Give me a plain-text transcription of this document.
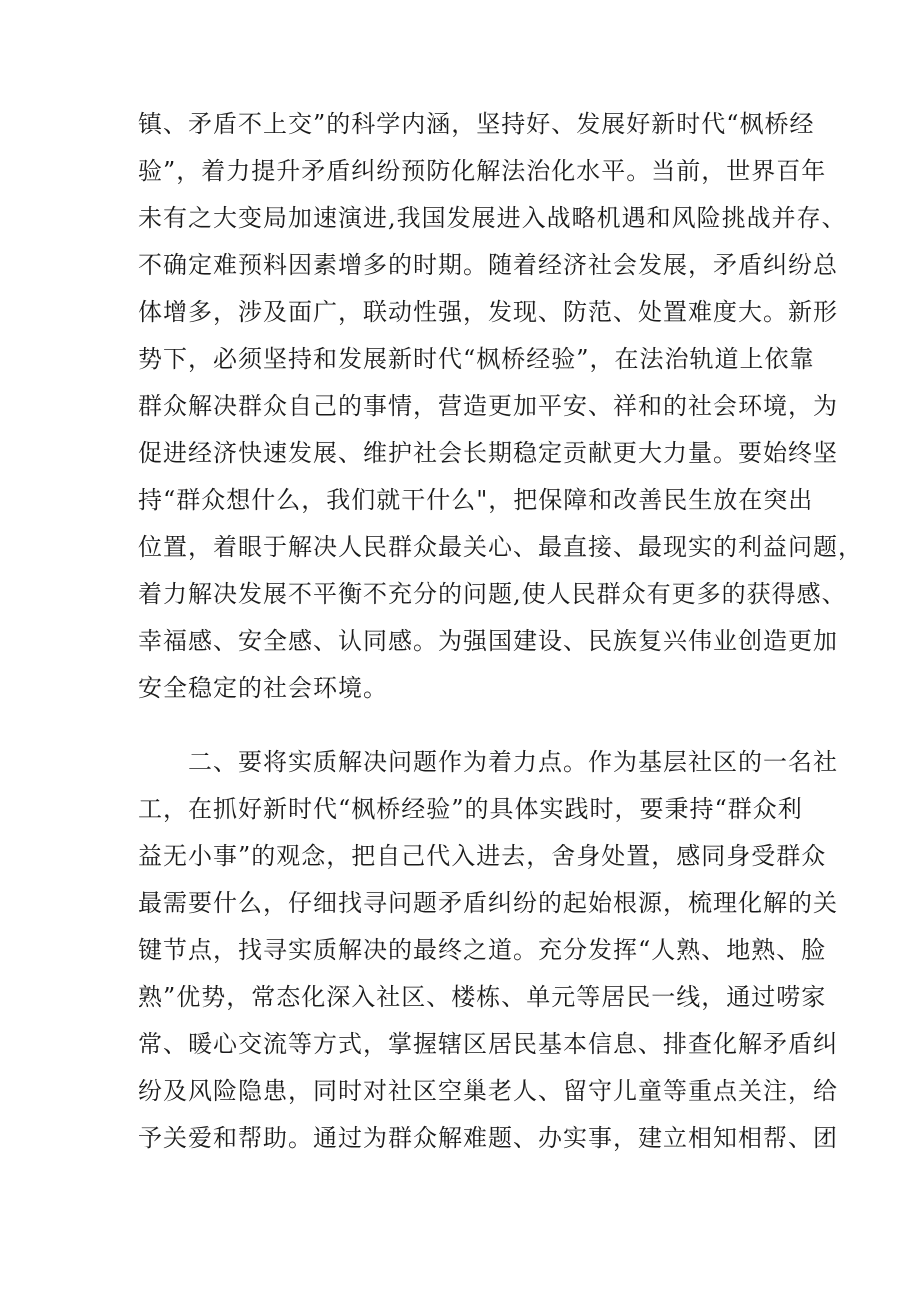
镇、矛盾不上交”的科学内涵，坚持好、发展好新时代“枫桥经
验”，着力提升矛盾纠纷预防化解法治化水平。当前，世界百年
未有之大变局加速演进,我国发展进入战略机遇和风险挑战并存、
不确定难预料因素增多的时期。随着经济社会发展，矛盾纠纷总
体增多，涉及面广，联动性强，发现、防范、处置难度大。新形
势下，必须坚持和发展新时代“枫桥经验”，在法治轨道上依靠
群众解决群众自己的事情，营造更加平安、祥和的社会环境，为
促进经济快速发展、维护社会长期稳定贡献更大力量。要始终坚
持“群众想什么，我们就干什么"，把保障和改善民生放在突出
位置，着眼于解决人民群众最关心、最直接、最现实的利益问题，
着力解决发展不平衡不充分的问题,使人民群众有更多的获得感、
幸福感、安全感、认同感。为强国建设、民族复兴伟业创造更加
安全稳定的社会环境。
　　二、要将实质解决问题作为着力点。作为基层社区的一名社
工，在抓好新时代“枫桥经验”的具体实践时，要秉持“群众利
益无小事”的观念，把自己代入进去，舍身处置，感同身受群众
最需要什么，仔细找寻问题矛盾纠纷的起始根源，梳理化解的关
键节点，找寻实质解决的最终之道。充分发挥“人熟、地熟、脸
熟”优势，常态化深入社区、楼栋、单元等居民一线，通过唠家
常、暖心交流等方式，掌握辖区居民基本信息、排查化解矛盾纠
纷及风险隐患，同时对社区空巢老人、留守儿童等重点关注，给
予关爱和帮助。通过为群众解难题、办实事，建立相知相帮、团
